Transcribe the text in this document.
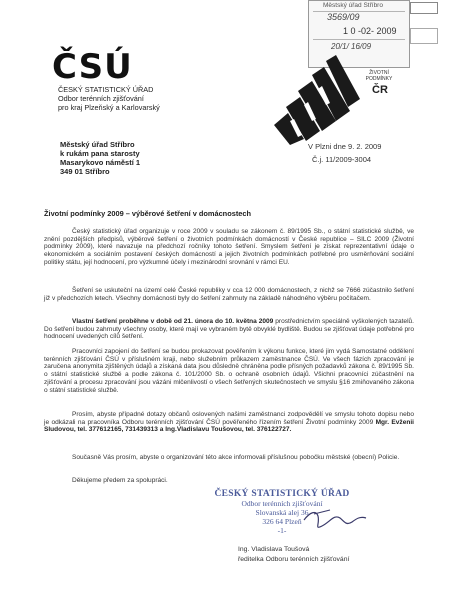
Městský úřad Stříbro
3569/09
1 0 -02- 2009
20/1/ 16/09
ČSÚ
ČESKÝ STATISTICKÝ ÚŘAD
Odbor terénních zjišťování
pro kraj Plzeňský a Karlovarský
ŽIVOTNÍ PODMÍNKY
ČR
Městský úřad Stříbro
k rukám pana starosty
Masarykovo náměstí 1
349 01 Stříbro
V Plzni dne 9. 2. 2009
Č.j. 11/2009-3004
Životní podmínky 2009 – výběrové šetření v domácnostech
Český statistický úřad organizuje v roce 2009 v souladu se zákonem č. 89/1995 Sb., o státní statistické službě, ve znění pozdějších předpisů, výběrové šetření o životních podmínkách domácností v České republice – SILC 2009 (Životní podmínky 2009), které navazuje na předchozí ročníky tohoto šetření. Smyslem šetření je získat reprezentativní údaje o ekonomickém a sociálním postavení českých domácností a jejich životních podmínkách potřebné pro usměrňování sociální politiky státu, její hodnocení, pro výzkumné účely i mezinárodní srovnání v rámci EU.
Šetření se uskuteční na území celé České republiky v cca 12 000 domácnostech, z nichž se 7666 zúčastnilo šetření již v předchozích letech. Všechny domácnosti byly do šetření zahrnuty na základě náhodného výběru počítačem.
Vlastní šetření proběhne v době od 21. února do 10. května 2009 prostřednictvím speciálně vyškolených tazatelů. Do šetření budou zahrnuty všechny osoby, které mají ve vybraném bytě obvyklé bydliště. Budou se zjišťovat údaje potřebné pro hodnocení uvedených cílů šetření.
Pracovníci zapojení do šetření se budou prokazovat pověřením k výkonu funkce, které jim vydá Samostatné oddělení terénních zjišťování ČSÚ v příslušném kraji, nebo služebním průkazem zaměstnance ČSÚ. Ve všech fázích zpracování je zaručena anonymita zjištěných údajů a získaná data jsou důsledně chráněna podle přísných požadavků zákona č. 89/1995 Sb. o státní statistické službě a podle zákona č. 101/2000 Sb. o ochraně osobních údajů. Všichni pracovníci zúčastnění na zjišťování a procesu zpracování jsou vázáni mlčenlivostí o všech šetřených skutečnostech ve smyslu §16 zmiňovaného zákona o státní statistické službě.
Prosím, abyste případné dotazy občanů oslovených našimi zaměstnanci zodpovědělí ve smyslu tohoto dopisu nebo je odkázali na pracovníka Odboru terénních zjišťování ČSÚ pověřeného řízením šetření Životní podmínky 2009 Mgr. Evženii Sludovou, tel. 377612165, 731439313 a Ing.Vladislavu Toušovou, tel. 376122727.
Současně Vás prosím, abyste o organizování této akce informovali příslušnou pobočku městské (obecní) Policie.
Děkujeme předem za spolupráci.
ČESKÝ STATISTICKÝ ÚŘAD
Odbor terénních zjišťování
Slovanská alej 36
326 64 Plzeň
-1-
Ing. Vladislava Toušová
ředitelka Odboru terénních zjišťování
